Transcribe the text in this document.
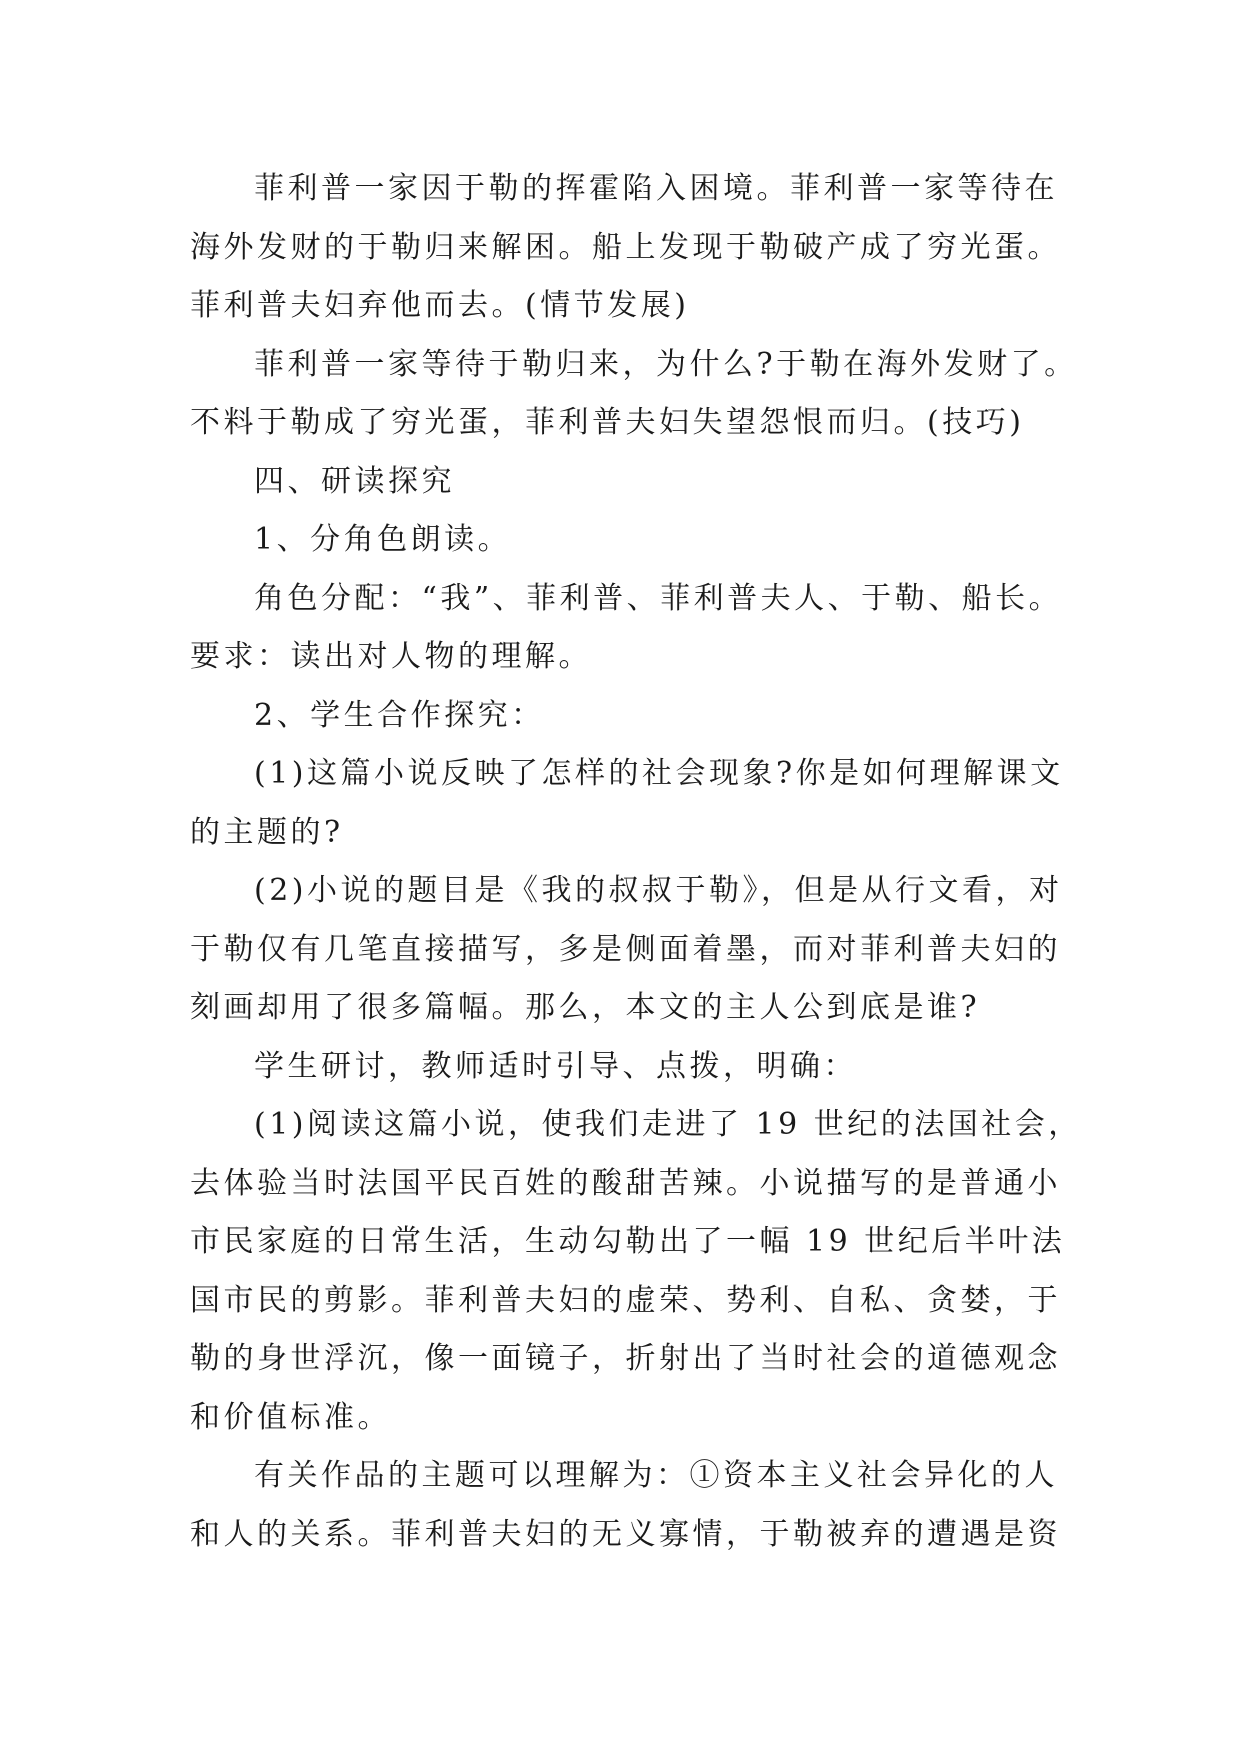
菲利普一家因于勒的挥霍陷入困境。菲利普一家等待在
海外发财的于勒归来解困。船上发现于勒破产成了穷光蛋。
菲利普夫妇弃他而去。(情节发展)
菲利普一家等待于勒归来，为什么?于勒在海外发财了。
不料于勒成了穷光蛋，菲利普夫妇失望怨恨而归。(技巧)
四、研读探究
1、分角色朗读。
角色分配：“我”、菲利普、菲利普夫人、于勒、船长。
要求：读出对人物的理解。
2、学生合作探究：
(1)这篇小说反映了怎样的社会现象?你是如何理解课文
的主题的?
(2)小说的题目是《我的叔叔于勒》，但是从行文看，对
于勒仅有几笔直接描写，多是侧面着墨，而对菲利普夫妇的
刻画却用了很多篇幅。那么，本文的主人公到底是谁?
学生研讨，教师适时引导、点拨，明确：
(1)阅读这篇小说，使我们走进了 19 世纪的法国社会，
去体验当时法国平民百姓的酸甜苦辣。小说描写的是普通小
市民家庭的日常生活，生动勾勒出了一幅 19 世纪后半叶法
国市民的剪影。菲利普夫妇的虚荣、势利、自私、贪婪，于
勒的身世浮沉，像一面镜子，折射出了当时社会的道德观念
和价值标准。
有关作品的主题可以理解为：①资本主义社会异化的人
和人的关系。菲利普夫妇的无义寡情，于勒被弃的遭遇是资
